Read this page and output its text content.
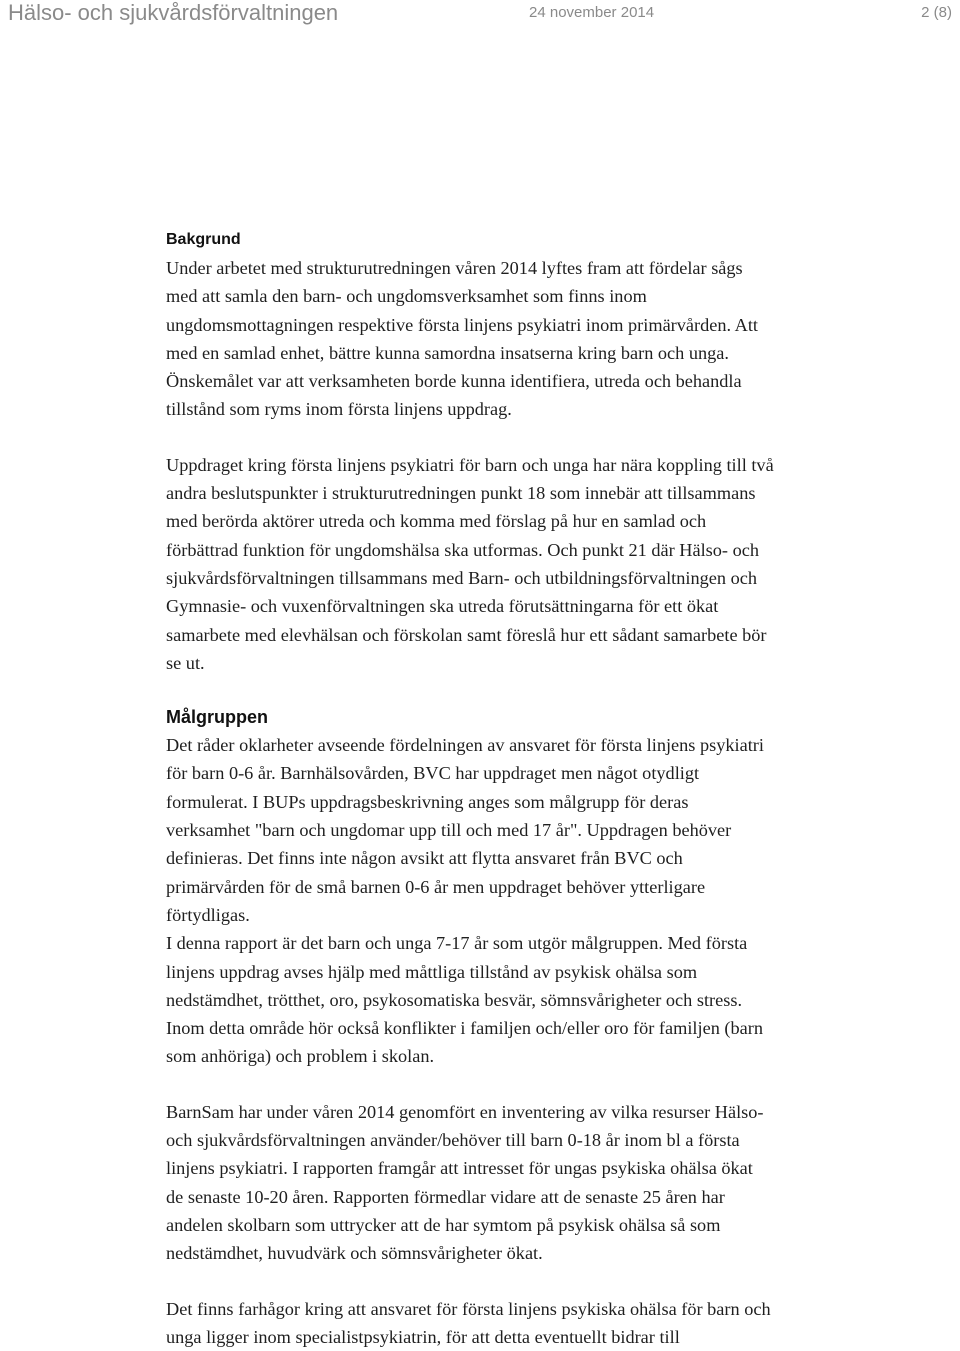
Hälso- och sjukvårdsförvaltningen	24 november 2014	2 (8)
Bakgrund

Under arbetet med strukturutredningen våren 2014 lyftes fram att fördelar sågs
med att samla den barn- och ungdomsverksamhet som finns inom
ungdomsmottagningen respektive första linjens psykiatri inom primärvården. Att
med en samlad enhet, bättre kunna samordna insatserna kring barn och unga.
Önskemålet var att verksamheten borde kunna identifiera, utreda och behandla
tillstånd som ryms inom första linjens uppdrag.

Uppdraget kring första linjens psykiatri för barn och unga har nära koppling till två
andra beslutspunkter i strukturutredningen punkt 18 som innebär att tillsammans
med berörda aktörer utreda och komma med förslag på hur en samlad och
förbättrad funktion för ungdomshälsa ska utformas. Och punkt 21 där Hälso- och
sjukvårdsförvaltningen tillsammans med Barn- och utbildningsförvaltningen och
Gymnasie- och vuxenförvaltningen ska utreda förutsättningarna för ett ökat
samarbete med elevhälsan och förskolan samt föreslå hur ett sådant samarbete bör
se ut.

Målgruppen

Det råder oklarheter avseende fördelningen av ansvaret för första linjens psykiatri
för barn 0-6 år. Barnhälsovården, BVC har uppdraget men något otydligt
formulerat. I BUPs uppdragsbeskrivning anges som målgrupp för deras
verksamhet "barn och ungdomar upp till och med 17 år". Uppdragen behöver
definieras. Det finns inte någon avsikt att flytta ansvaret från BVC och
primärvården för de små barnen 0-6 år men uppdraget behöver ytterligare
förtydligas.
I denna rapport är det barn och unga 7-17 år som utgör målgruppen. Med första
linjens uppdrag avses hjälp med måttliga tillstånd av psykisk ohälsa som
nedstämdhet, trötthet, oro, psykosomatiska besvär, sömnsvårigheter och stress.
Inom detta område hör också konflikter i familjen och/eller oro för familjen (barn
som anhöriga) och problem i skolan.

BarnSam har under våren 2014 genomfört en inventering av vilka resurser Hälso-
och sjukvårdsförvaltningen använder/behöver till barn 0-18 år inom bl a första
linjens psykiatri. I rapporten framgår att intresset för ungas psykiska ohälsa ökat
de senaste 10-20 åren. Rapporten förmedlar vidare att de senaste 25 åren har
andelen skolbarn som uttrycker att de har symtom på psykisk ohälsa så som
nedstämdhet, huvudvärk och sömnsvårigheter ökat.

Det finns farhågor kring att ansvaret för första linjens psykiska ohälsa för barn och
unga ligger inom specialistpsykiatrin, för att detta eventuellt bidrar till
